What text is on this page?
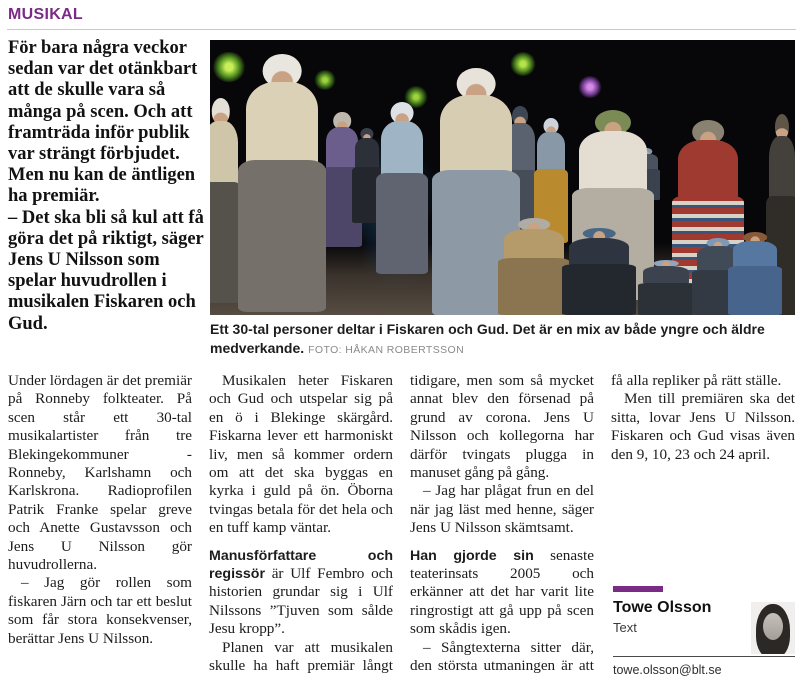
MUSIKAL

För bara några veckor sedan var det otänkbart att de skulle vara så många på scen. Och att framträda inför publik var strängt förbjudet. Men nu kan de äntligen ha premiär.

– Det ska bli så kul att få göra det på riktigt, säger Jens U Nilsson som spelar huvudrollen i musikalen Fiskaren och Gud.	Ett 30-tal personer deltar i Fiskaren och Gud. Det är en mix av både yngre och äldre medverkande. FOTO: HÅKAN ROBERTSSON

Under lördagen är det premiär på Ronneby folkteater. På scen står ett 30-tal musikalartister från tre Blekingekommuner - Ronneby, Karlshamn och Karlskrona. Radioprofilen Patrik Franke spelar greve och Anette Gustavsson och Jens U Nilsson gör huvudrollerna.

– Jag gör rollen som fiskaren Järn och tar ett beslut som får stora konsekvenser, berättar Jens U Nilsson.

Musikalen heter Fiskaren och Gud och utspelar sig på en ö i Blekinge skärgård. Fiskarna lever ett harmoniskt liv, men så kommer ordern om att det ska byggas en kyrka i guld på ön. Öborna tvingas betala för det hela och en tuff kamp väntar.

Manusförfattare och regissör är Ulf Fembro och historien grundar sig i Ulf Nilssons ”Tjuven som sålde Jesu kropp”.

Planen var att musikalen skulle ha haft premiär långt tidigare, men som så mycket annat blev den försenad på grund av corona. Jens U Nilsson och kollegorna har därför tvingats plugga in manuset gång på gång.

– Jag har plågat frun en del när jag läst med henne, säger Jens U Nilsson skämtsamt.

Han gjorde sin senaste teaterinsats 2005 och erkänner att det har varit lite ringrostigt att gå upp på scen som skådis igen.

– Sångtexterna sitter där, den största utmaningen är att få alla repliker på rätt ställe.

Men till premiären ska det sitta, lovar Jens U Nilsson. Fiskaren och Gud visas även den 9, 10, 23 och 24 april.

Towe Olsson
Text
towe.olsson@blt.se
